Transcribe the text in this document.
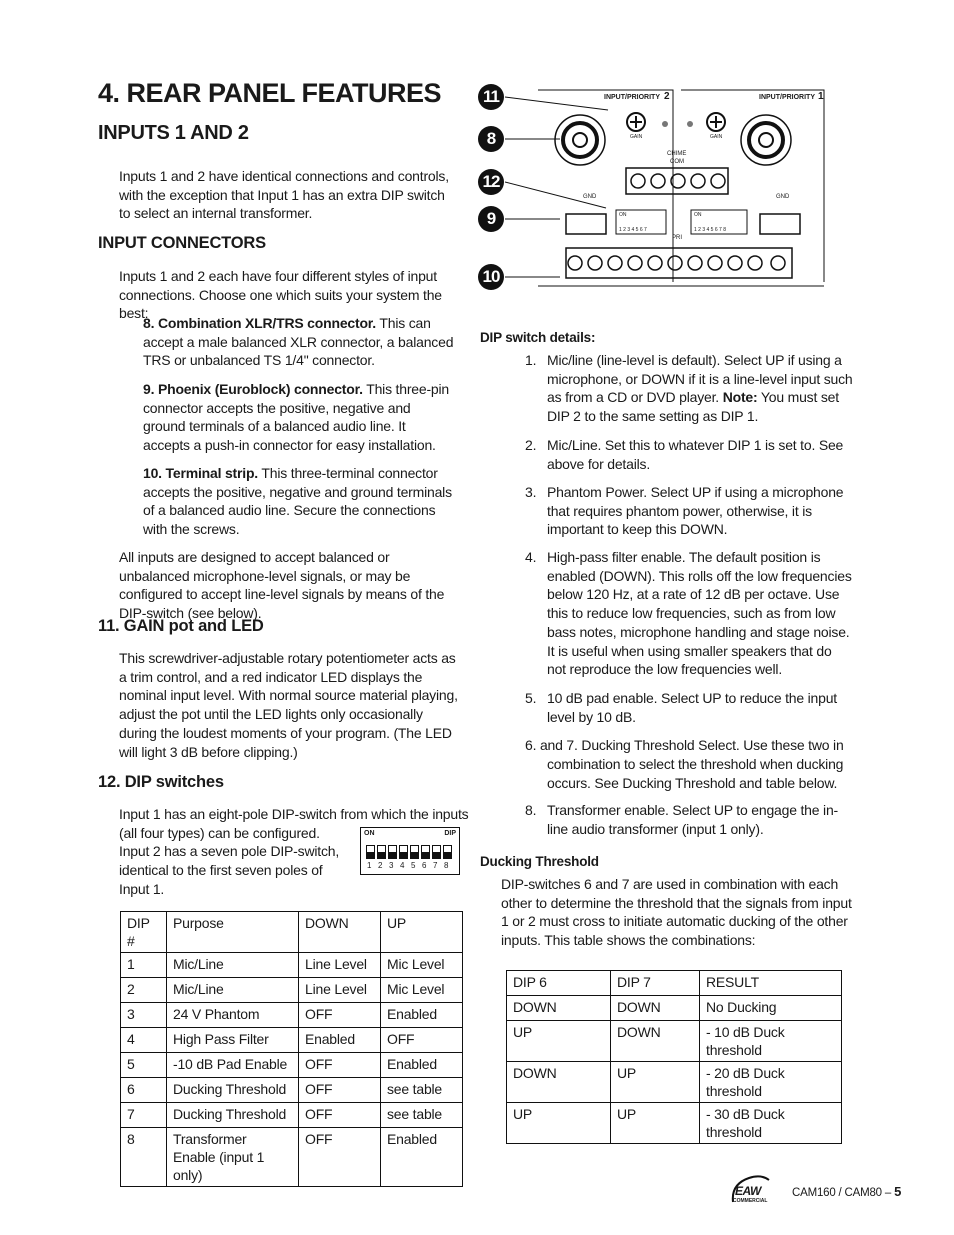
4. REAR PANEL FEATURES
INPUTS 1 AND 2
Inputs 1 and 2 have identical connections and controls, with the exception that Input 1 has an extra DIP switch to select an internal transformer.
INPUT CONNECTORS
Inputs 1 and 2 each have four different styles of input connections. Choose one which suits your system the best:
8. Combination XLR/TRS connector. This can accept a male balanced XLR connector, a balanced TRS or unbalanced TS 1/4" connector.
9. Phoenix (Euroblock) connector. This three-pin connector accepts the positive, negative and ground terminals of a balanced audio line. It accepts a push-in connector for easy installation.
10. Terminal strip. This three-terminal connector accepts the positive, negative and ground terminals of a balanced audio line. Secure the connections with the screws.
All inputs are designed to accept balanced or unbalanced microphone-level signals, or may be configured to accept line-level signals by means of the DIP-switch (see below).
11. GAIN pot and LED
This screwdriver-adjustable rotary potentiometer acts as a trim control, and a red indicator LED displays the nominal input level. With normal source material playing, adjust the pot until the LED lights only occasionally during the loudest moments of your program. (The LED will light 3 dB before clipping.)
12. DIP switches
Input 1 has an eight-pole DIP-switch from which the inputs
(all four types) can be configured.
Input 2 has a seven pole DIP-switch,
identical to the first seven poles of
Input 1.
ON	DIP
1 2 3 4 5 6 7 8
DIP #	Purpose	DOWN	UP
1	Mic/Line	Line Level	Mic Level
2	Mic/Line	Line Level	Mic Level
3	24 V Phantom	OFF	Enabled
4	High Pass Filter	Enabled	OFF
5	-10 dB Pad Enable	OFF	Enabled
6	Ducking Threshold	OFF	see table
7	Ducking Threshold	OFF	see table
8	Transformer Enable (input 1 only)	OFF	Enabled
11
8
12
9
10
INPUT/PRIORITY 2	INPUT/PRIORITY 1
GAIN	GAIN
CHIME
COM
PRI
GND	GND
ON	ON
1 2 3 4 5 6 7	1 2 3 4 5 6 7 8
DIP switch details:
1. Mic/line (line-level is default). Select UP if using a
microphone, or DOWN if it is a line-level input such
as from a CD or DVD player. Note: You must set
DIP 2 to the same setting as DIP 1.
2. Mic/Line. Set this to whatever DIP 1 is set to. See
above for details.
3. Phantom Power. Select UP if using a microphone
that requires phantom power, otherwise, it is
important to keep this DOWN.
4. High-pass filter enable. The default position is
enabled (DOWN). This rolls off the low frequencies
below 120 Hz, at a rate of 12 dB per octave. Use
this to reduce low frequencies, such as from low
bass notes, microphone handling and stage noise.
It is useful when using smaller speakers that do
not reproduce the low frequencies well.
5. 10 dB pad enable. Select UP to reduce the input
level by 10 dB.
6. and 7. Ducking Threshold Select. Use these two in
combination to select the threshold when ducking
occurs. See Ducking Threshold and table below.
8. Transformer enable. Select UP to engage the in-
line audio transformer (input 1 only).
Ducking Threshold
DIP-switches 6 and 7 are used in combination with each
other to determine the threshold that the signals from input
1 or 2 must cross to initiate automatic ducking of the other
inputs. This table shows the combinations:
DIP 6	DIP 7	RESULT
DOWN	DOWN	No Ducking
UP	DOWN	- 10 dB Duck threshold
DOWN	UP	- 20 dB Duck threshold
UP	UP	- 30 dB Duck threshold
EAW
COMMERCIAL
CAM160 / CAM80 – 5
